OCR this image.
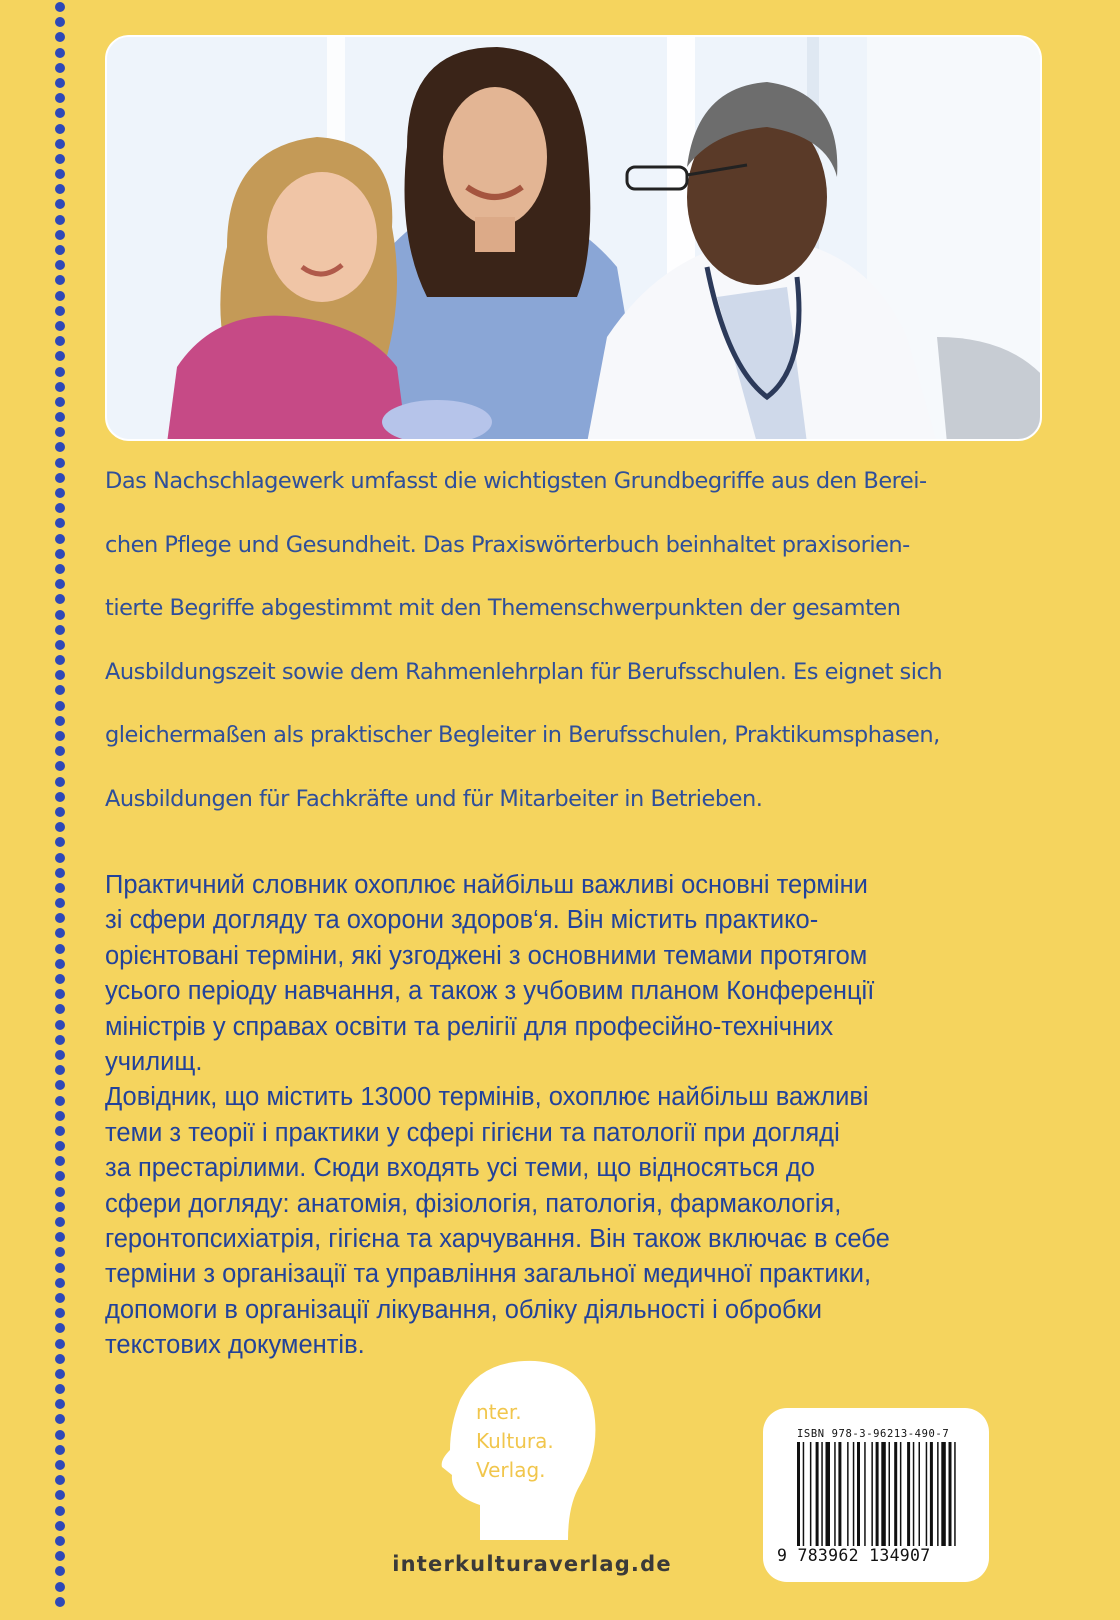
Das Nachschlagewerk umfasst die wichtigsten Grundbegriffe aus den Berei-
chen Pflege und Gesundheit. Das Praxiswörterbuch beinhaltet praxisorien-
tierte Begriffe abgestimmt mit den Themenschwerpunkten der gesamten
Ausbildungszeit sowie dem Rahmenlehrplan für Berufsschulen. Es eignet sich
gleichermaßen als praktischer Begleiter in Berufsschulen, Praktikumsphasen,
Ausbildungen für Fachkräfte und für Mitarbeiter in Betrieben.
Практичний словник охоплює найбільш важливі основні терміни
зі сфери догляду та охорони здоров‘я. Він містить практико-
орієнтовані терміни, які узгоджені з основними темами протягом
усього періоду навчання, а також з учбовим планом Конференції
міністрів у справах освіти та релігії для професійно-технічних
училищ.
Довідник, що містить 13000 термінів, охоплює найбільш важливі
теми з теорії і практики у сфері гігієни та патології при догляді
за престарілими. Сюди входять усі теми, що відносяться до
сфери догляду: анатомія, фізіологія, патологія, фармакологія,
геронтопсихіатрія, гігієна та харчування. Він також включає в себе
терміни з організації та управління загальної медичної практики,
допомоги в організації лікування, обліку діяльності і обробки
текстових документів.
nter.
Kultura.
Verlag.
interkulturaverlag.de
ISBN 978-3-96213-490-7
9 783962 134907
